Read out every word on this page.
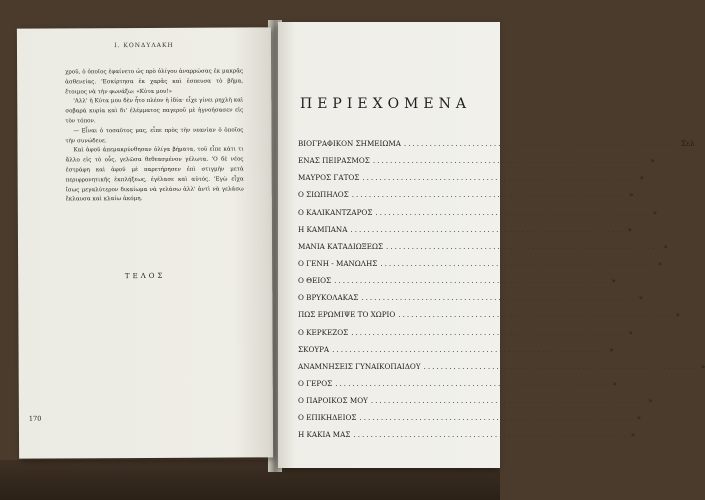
Ι. ΚΟΝΔΥΛΑΚΗ

χροῦ, ὁ ὁποῖος ἐφαίνετο ὡς πρὸ ὀλίγου ἀναρρώσας ἐκ μακρᾶς ἀσθενείας. 'Εσκίρτησα ἐκ χαρᾶς καὶ ἐσπευσα τὸ βῆμα, ἔτοιμος νὰ τὴν φωνάξω: «Κύτα μου!»

'Αλλ' ἡ Κύτα μου δὲν ἦτο πλέον ἡ ἰδία· εἶχε γίνει ρηχλὴ καὶ σοβαρὰ κυρία καὶ δι' ἐλέμματος παγεροῦ μὲ ἠγνοήσασεν εἰς τὸν τόπον.

— Εἶναι ὁ τοσαῦτος μας, εἶπε πρὸς τὴν νεανίαν ὁ ὁποῖος τὴν συνώδευε.

Καὶ ἀφοῦ ἀπεμακρύνθησαν ὀλίγα βήματα, τοῦ εἶπε κάτι τι ἄλλο εἰς τὸ οὖς, γελῶσα θεθεασμένον γέλωτα. 'Ο δὲ νέος ἐστράφη καὶ ἀφοῦ μὲ παρετήρησεν ἐπὶ στιγμὴν μετὰ περιφρονητικῆς ἐκπλήξεως, ἐγέλασε καὶ αὐτός. 'Εγὼ εἶχα ἴσως μεγαλύτερον δικαίωμα νὰ γελάσω ἀλλ' ἀντὶ νὰ γελάσω ἔκλαυσα καὶ κλαίω ἀκόμη.

ΤΕΛΟΣ
170
ΠΕΡΙΕΧΟΜΕΝΑ
ΒΙΟΓΡΑΦΙΚΟΝ ΣΗΜΕΙΩΜΑ .....	Σελ
ΕΝΑΣ ΠΕΙΡΑΣΜΟΣ .....	»
ΜΑΥΡΟΣ ΓΑΤΟΣ .....	»
Ο ΣΙΩΠΗΛΟΣ .....	»
Ο ΚΑΛΙΚΑΝΤΖΑΡΟΣ .....	»
Η ΚΑΜΠΑΝΑ .....	»
ΜΑΝΙΑ ΚΑΤΑΔΙΩΞΕΩΣ .....	»
Ο ΓΕΝΗ - ΜΑΝΩΛΗΣ .....	»
Ο ΘΕΙΟΣ .....	»
Ο ΒΡΥΚΟΛΑΚΑΣ .....	»
ΠΩΣ ΕΡΩΜΙΨΕ ΤΟ ΧΩΡΙΟ .....	»
Ο ΚΕΡΚΕΖΟΣ .....	»
ΣΚΟΥΡΑ .....	»
ΑΝΑΜΝΗΣΕΙΣ ΓΥΝΑΙΚΟΠΑΙΔΟΥ .....	»
Ο ΓΕΡΟΣ .....	»
Ο ΠΑΡΟΙΚΟΣ ΜΟΥ .....	»
Ο ΕΠΙΚΗΔΕΙΟΣ .....	»
Η ΚΑΚΙΑ ΜΑΣ .....	»
